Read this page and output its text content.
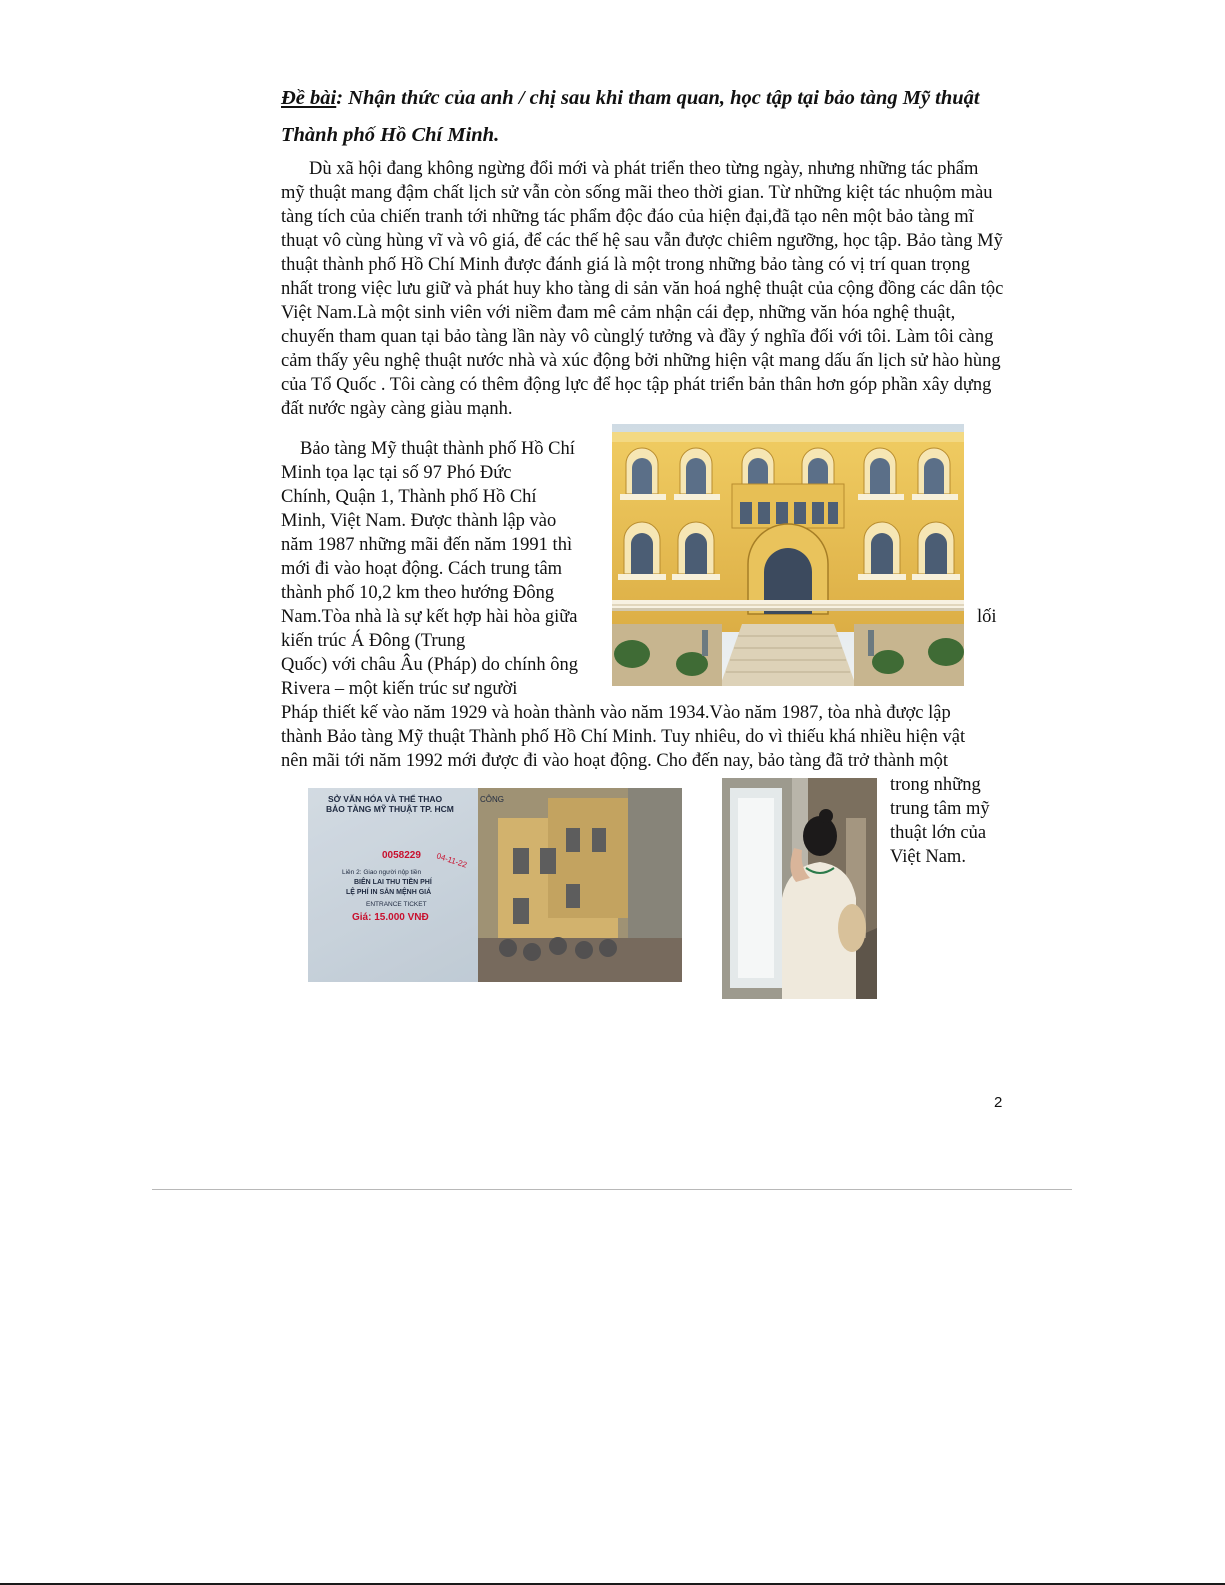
Đề bài: Nhận thức của anh / chị sau khi tham quan, học tập tại bảo tàng Mỹ thuật Thành phố Hồ Chí Minh.

Dù xã hội đang không ngừng đổi mới và phát triển theo từng ngày, nhưng những tác phẩm mỹ thuật mang đậm chất lịch sử vẫn còn sống mãi theo thời gian. Từ những kiệt tác nhuộm màu tàng tích của chiến tranh tới những tác phẩm độc đáo của hiện đại,đã tạo nên một bảo tàng mĩ thuạt vô cùng hùng vĩ và vô giá, để các thế hệ sau vẫn được chiêm ngưỡng, học tập. Bảo tàng Mỹ thuật thành phố Hồ Chí Minh được đánh giá là một trong những bảo tàng có vị trí quan trọng nhất trong việc lưu giữ và phát huy kho tàng di sản văn hoá nghệ thuật của cộng đồng các dân tộc Việt Nam.Là một sinh viên với niềm đam mê cảm nhận cái đẹp, những văn hóa nghệ thuật, chuyến tham quan tại bảo tàng lần này vô cùnglý tưởng và đầy ý nghĩa đối với tôi. Làm tôi càng cảm thấy yêu nghệ thuật nước nhà và xúc động bởi những hiện vật mang dấu ấn lịch sử hào hùng của Tổ Quốc . Tôi càng có thêm động lực để học tập phát triển bản thân hơn góp phần xây dựng đất nước ngày càng giàu mạnh.

Bảo tàng Mỹ thuật thành phố Hồ Chí

Minh tọa lạc tại số 97 Phó Đức

Chính, Quận 1, Thành phố Hồ Chí

Minh, Việt Nam. Được thành lập vào

năm 1987 những mãi đến năm 1991 thì

mới đi vào hoạt động. Cách trung tâm

thành phố 10,2 km theo hướng Đông

Nam.Tòa nhà là sự kết hợp hài hòa giữa	lối

kiến trúc Á Đông (Trung

Quốc) với châu Âu (Pháp) do chính ông

Rivera – một kiến trúc sư người

Pháp thiết kế vào năm 1929 và hoàn thành vào năm 1934.Vào năm 1987, tòa nhà được lập

thành Bảo tàng Mỹ thuật Thành phố Hồ Chí Minh. Tuy nhiêu, do vì thiếu khá nhiều hiện vật

nên mãi tới năm 1992 mới được đi vào hoạt động. Cho đến nay, bảo tàng đã trở thành một

trong những

trung tâm mỹ

thuật lớn của

Việt Nam.

SỞ VĂN HÓA VÀ THỂ THAO
BẢO TÀNG MỸ THUẬT TP. HCM
CÔNG
0058229 04-11-22
Liên 2: Giao người nộp tiền
BIÊN LAI THU TIỀN PHÍ
LỆ PHÍ IN SẴN MỆNH GIÁ
ENTRANCE TICKET
Giá: 15.000 VNĐ

2
